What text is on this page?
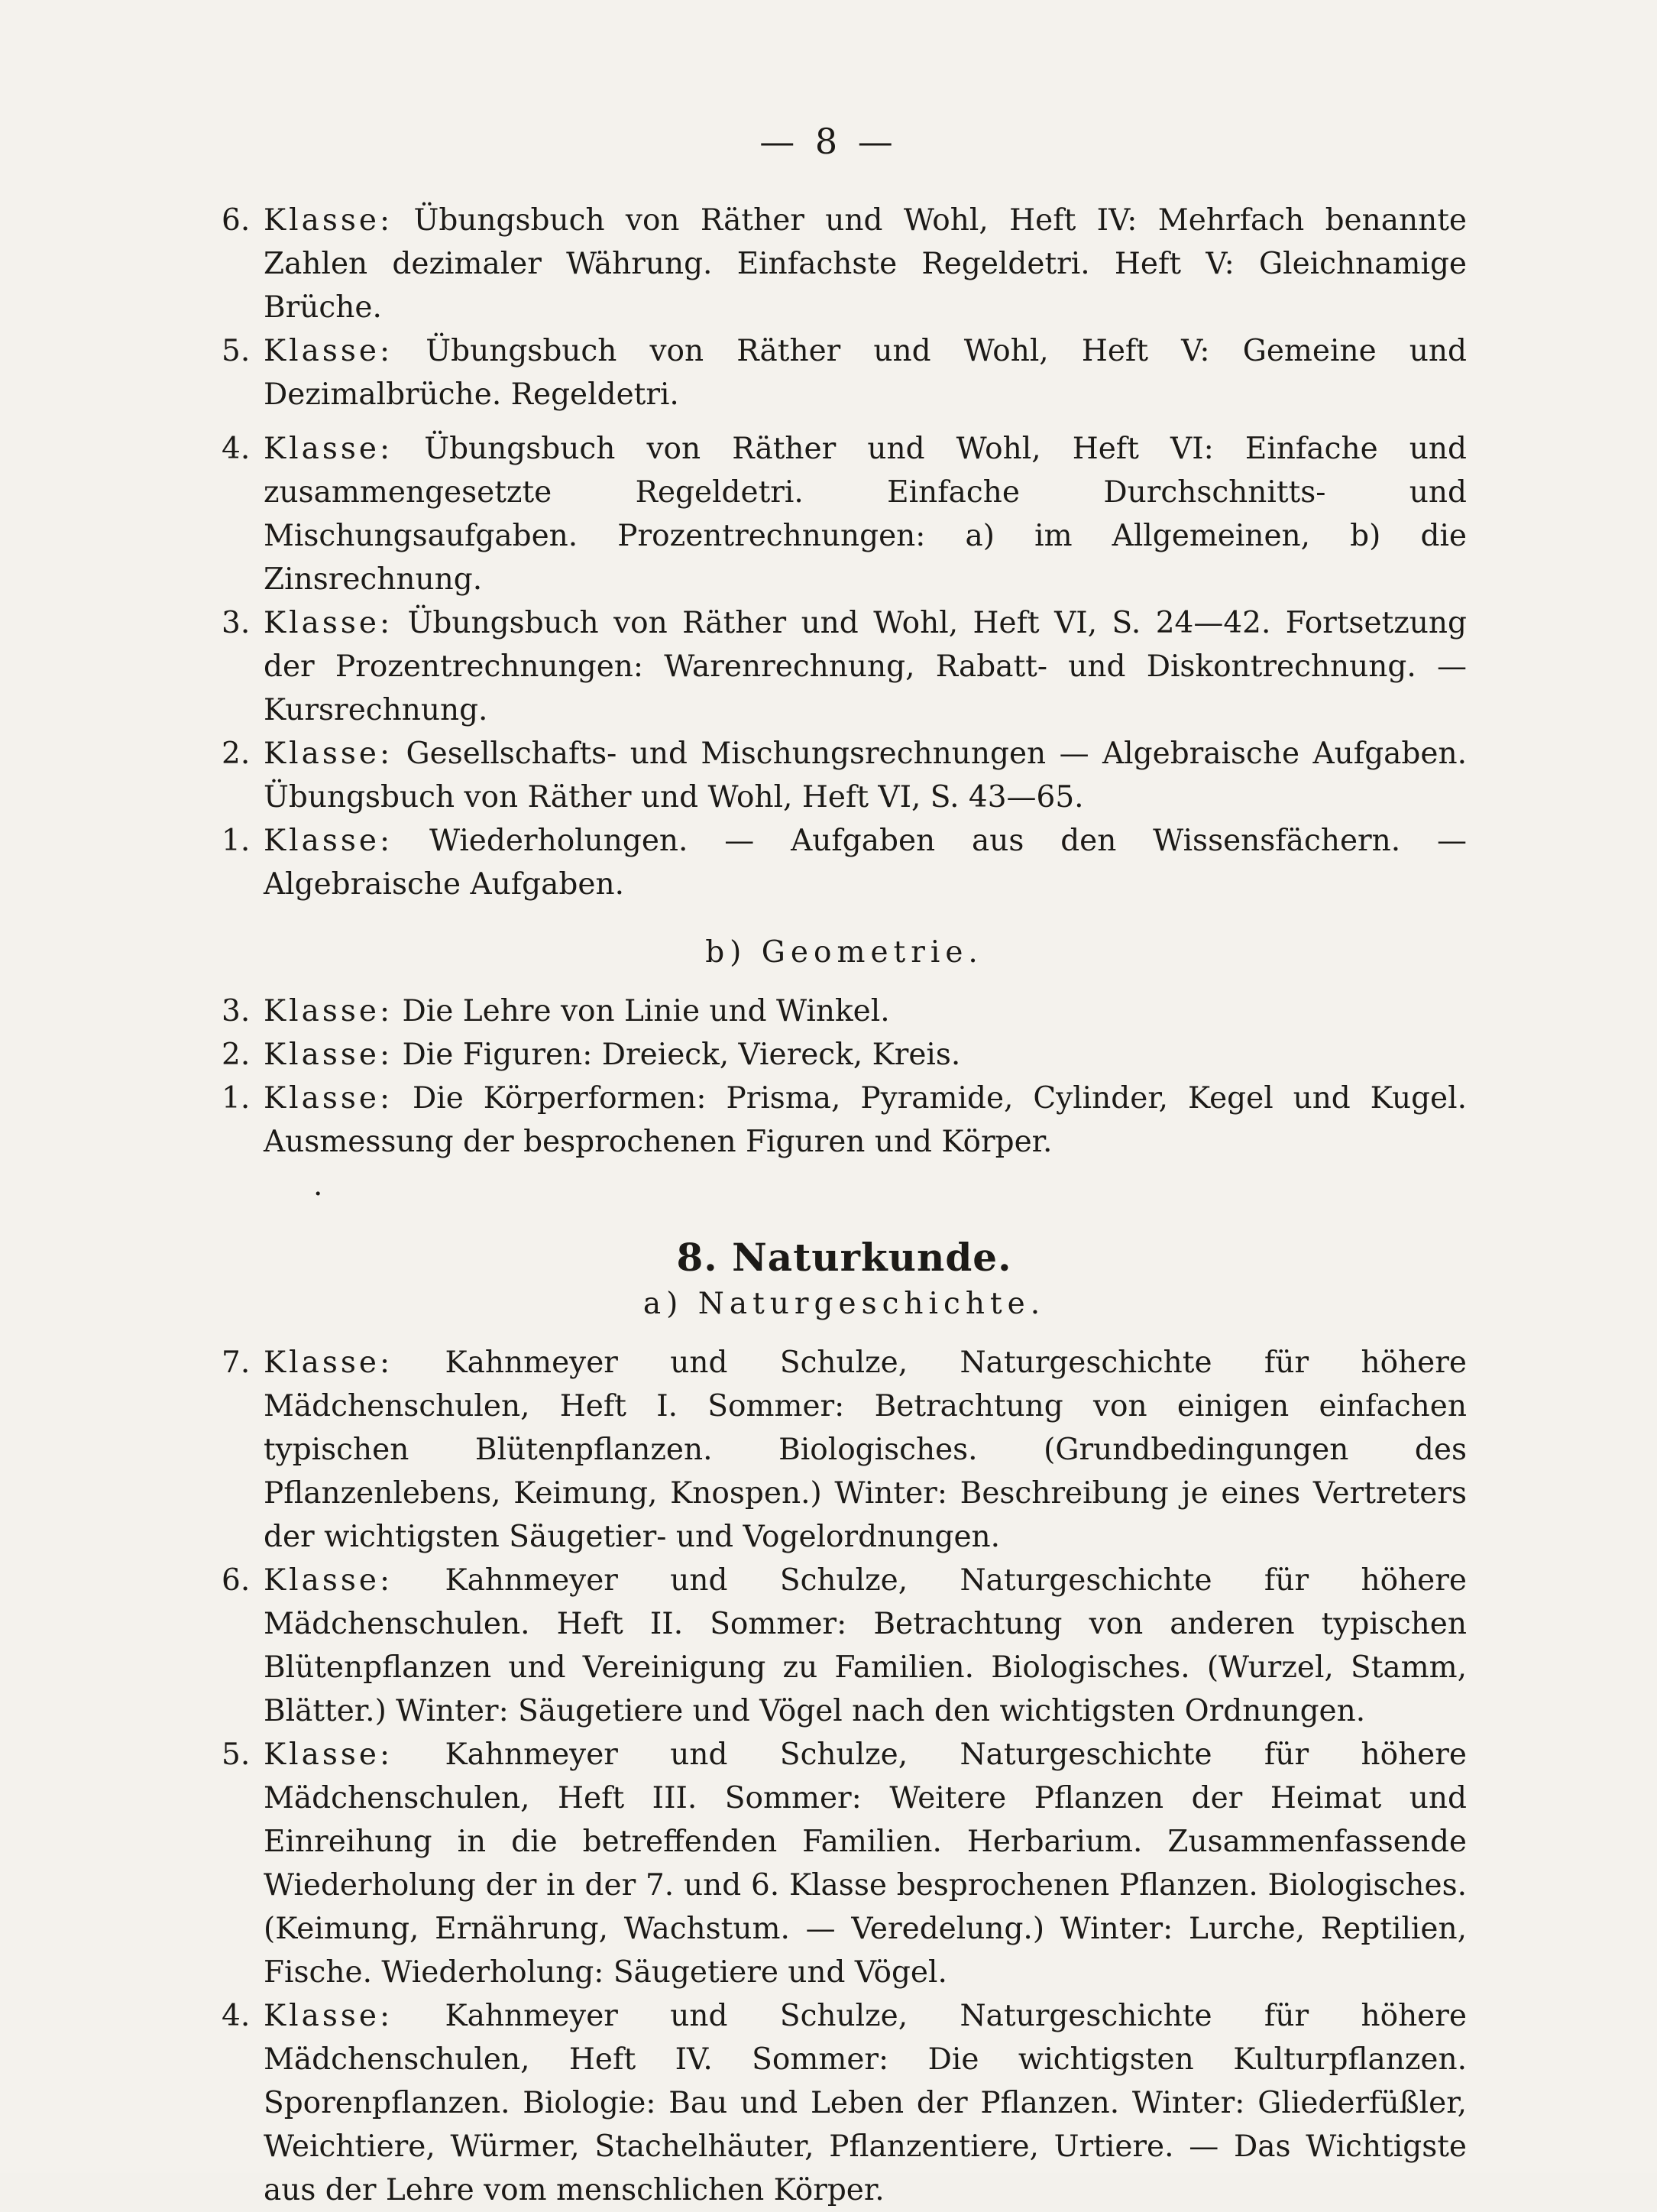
— 8 —
6. Klasse: Übungsbuch von Räther und Wohl, Heft IV: Mehrfach benannte Zahlen dezimaler Währung. Einfachste Regeldetri. Heft V: Gleichnamige Brüche.
5. Klasse: Übungsbuch von Räther und Wohl, Heft V: Gemeine und Dezimalbrüche. Regeldetri.
4. Klasse: Übungsbuch von Räther und Wohl, Heft VI: Einfache und zusammengesetzte Regeldetri. Einfache Durchschnitts- und Mischungsaufgaben. Prozentrechnungen: a) im Allgemeinen, b) die Zinsrechnung.
3. Klasse: Übungsbuch von Räther und Wohl, Heft VI, S. 24—42. Fortsetzung der Prozentrechnungen: Warenrechnung, Rabatt- und Diskontrechnung. — Kursrechnung.
2. Klasse: Gesellschafts- und Mischungsrechnungen — Algebraische Aufgaben. Übungsbuch von Räther und Wohl, Heft VI, S. 43—65.
1. Klasse: Wiederholungen. — Aufgaben aus den Wissensfächern. — Algebraische Aufgaben.
b) Geometrie.
3. Klasse: Die Lehre von Linie und Winkel.
2. Klasse: Die Figuren: Dreieck, Viereck, Kreis.
1. Klasse: Die Körperformen: Prisma, Pyramide, Cylinder, Kegel und Kugel. Ausmessung der besprochenen Figuren und Körper.
.
8. Naturkunde.
a) Naturgeschichte.
7. Klasse: Kahnmeyer und Schulze, Naturgeschichte für höhere Mädchenschulen, Heft I. Sommer: Betrachtung von einigen einfachen typischen Blütenpflanzen. Biologisches. (Grundbedingungen des Pflanzenlebens, Keimung, Knospen.) Winter: Beschreibung je eines Vertreters der wichtigsten Säugetier- und Vogelordnungen.
6. Klasse: Kahnmeyer und Schulze, Naturgeschichte für höhere Mädchenschulen. Heft II. Sommer: Betrachtung von anderen typischen Blütenpflanzen und Vereinigung zu Familien. Biologisches. (Wurzel, Stamm, Blätter.) Winter: Säugetiere und Vögel nach den wichtigsten Ordnungen.
5. Klasse: Kahnmeyer und Schulze, Naturgeschichte für höhere Mädchenschulen, Heft III. Sommer: Weitere Pflanzen der Heimat und Einreihung in die betreffenden Familien. Herbarium. Zusammenfassende Wiederholung der in der 7. und 6. Klasse besprochenen Pflanzen. Biologisches. (Keimung, Ernährung, Wachstum. — Veredelung.) Winter: Lurche, Reptilien, Fische. Wiederholung: Säugetiere und Vögel.
4. Klasse: Kahnmeyer und Schulze, Naturgeschichte für höhere Mädchenschulen, Heft IV. Sommer: Die wichtigsten Kulturpflanzen. Sporenpflanzen. Biologie: Bau und Leben der Pflanzen. Winter: Gliederfüßler, Weichtiere, Würmer, Stachelhäuter, Pflanzentiere, Urtiere. — Das Wichtigste aus der Lehre vom menschlichen Körper.
